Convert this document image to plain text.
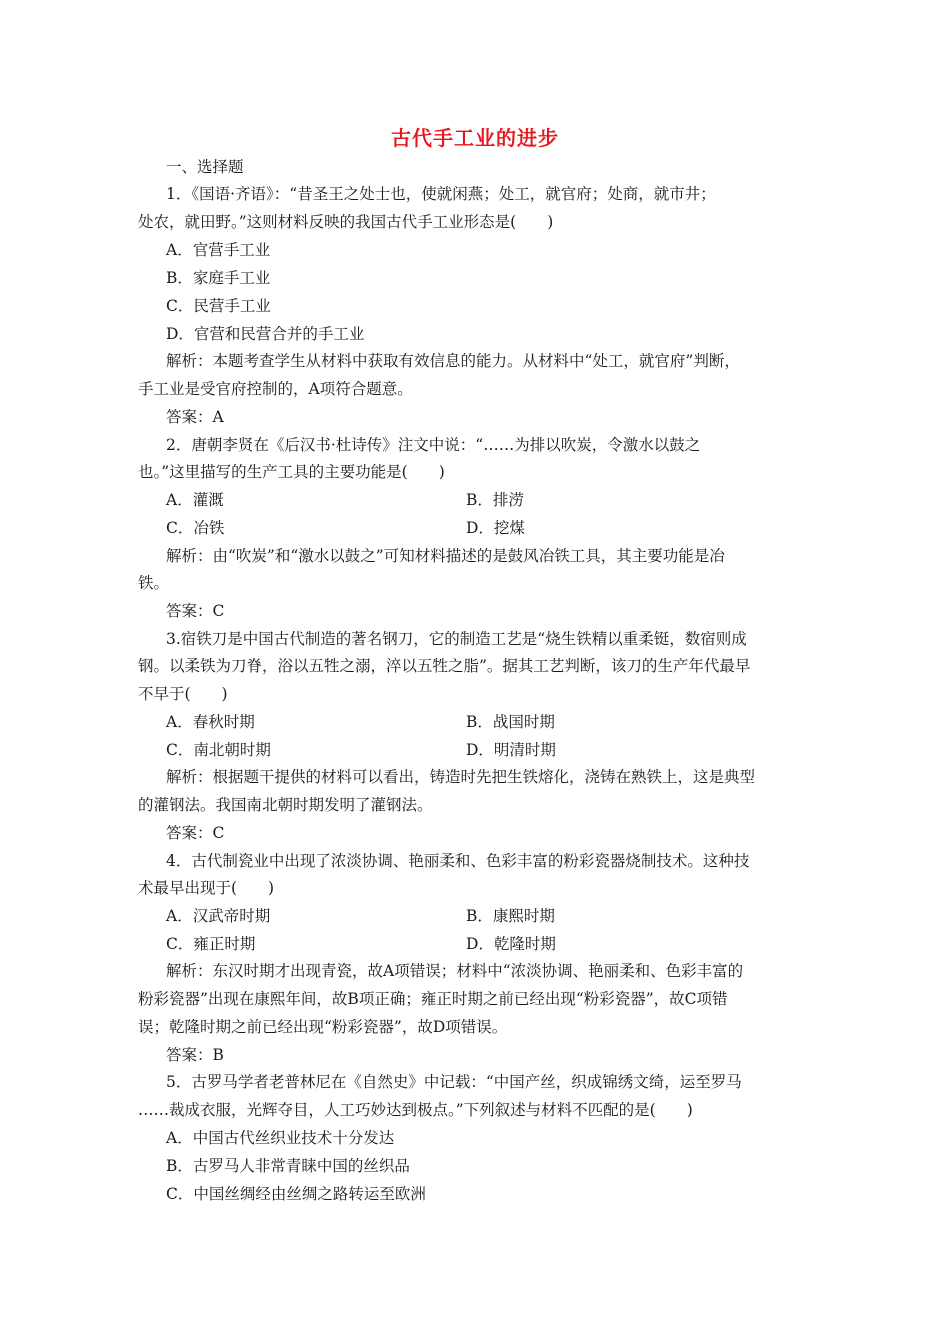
古代手工业的进步
一、选择题
1．《国语·齐语》：“昔圣王之处士也，使就闲燕；处工，就官府；处商，就市井；
处农，就田野。”这则材料反映的我国古代手工业形态是(　　)
A．官营手工业
B．家庭手工业
C．民营手工业
D．官营和民营合并的手工业
解析：本题考查学生从材料中获取有效信息的能力。从材料中“处工，就官府”判断，
手工业是受官府控制的，A项符合题意。
答案：A
2．唐朝李贤在《后汉书·杜诗传》注文中说：“……为排以吹炭，令激水以鼓之
也。”这里描写的生产工具的主要功能是(　　)
A．灌溉	B．排涝
C．冶铁	D．挖煤
解析：由“吹炭”和“激水以鼓之”可知材料描述的是鼓风冶铁工具，其主要功能是冶
铁。
答案：C
3.宿铁刀是中国古代制造的著名钢刀，它的制造工艺是“烧生铁精以重柔铤，数宿则成
钢。以柔铁为刀脊，浴以五牲之溺，淬以五牲之脂”。据其工艺判断，该刀的生产年代最早
不早于(　　)
A．春秋时期	B．战国时期
C．南北朝时期	D．明清时期
解析：根据题干提供的材料可以看出，铸造时先把生铁熔化，浇铸在熟铁上，这是典型
的灌钢法。我国南北朝时期发明了灌钢法。
答案：C
4．古代制瓷业中出现了浓淡协调、艳丽柔和、色彩丰富的粉彩瓷器烧制技术。这种技
术最早出现于(　　)
A．汉武帝时期	B．康熙时期
C．雍正时期	D．乾隆时期
解析：东汉时期才出现青瓷，故A项错误；材料中“浓淡协调、艳丽柔和、色彩丰富的
粉彩瓷器”出现在康熙年间，故B项正确；雍正时期之前已经出现“粉彩瓷器”，故C项错
误；乾隆时期之前已经出现“粉彩瓷器”，故D项错误。
答案：B
5．古罗马学者老普林尼在《自然史》中记载：“中国产丝，织成锦绣文绮，运至罗马
……裁成衣服，光辉夺目，人工巧妙达到极点。”下列叙述与材料不匹配的是(　　)
A．中国古代丝织业技术十分发达
B．古罗马人非常青睐中国的丝织品
C．中国丝绸经由丝绸之路转运至欧洲
